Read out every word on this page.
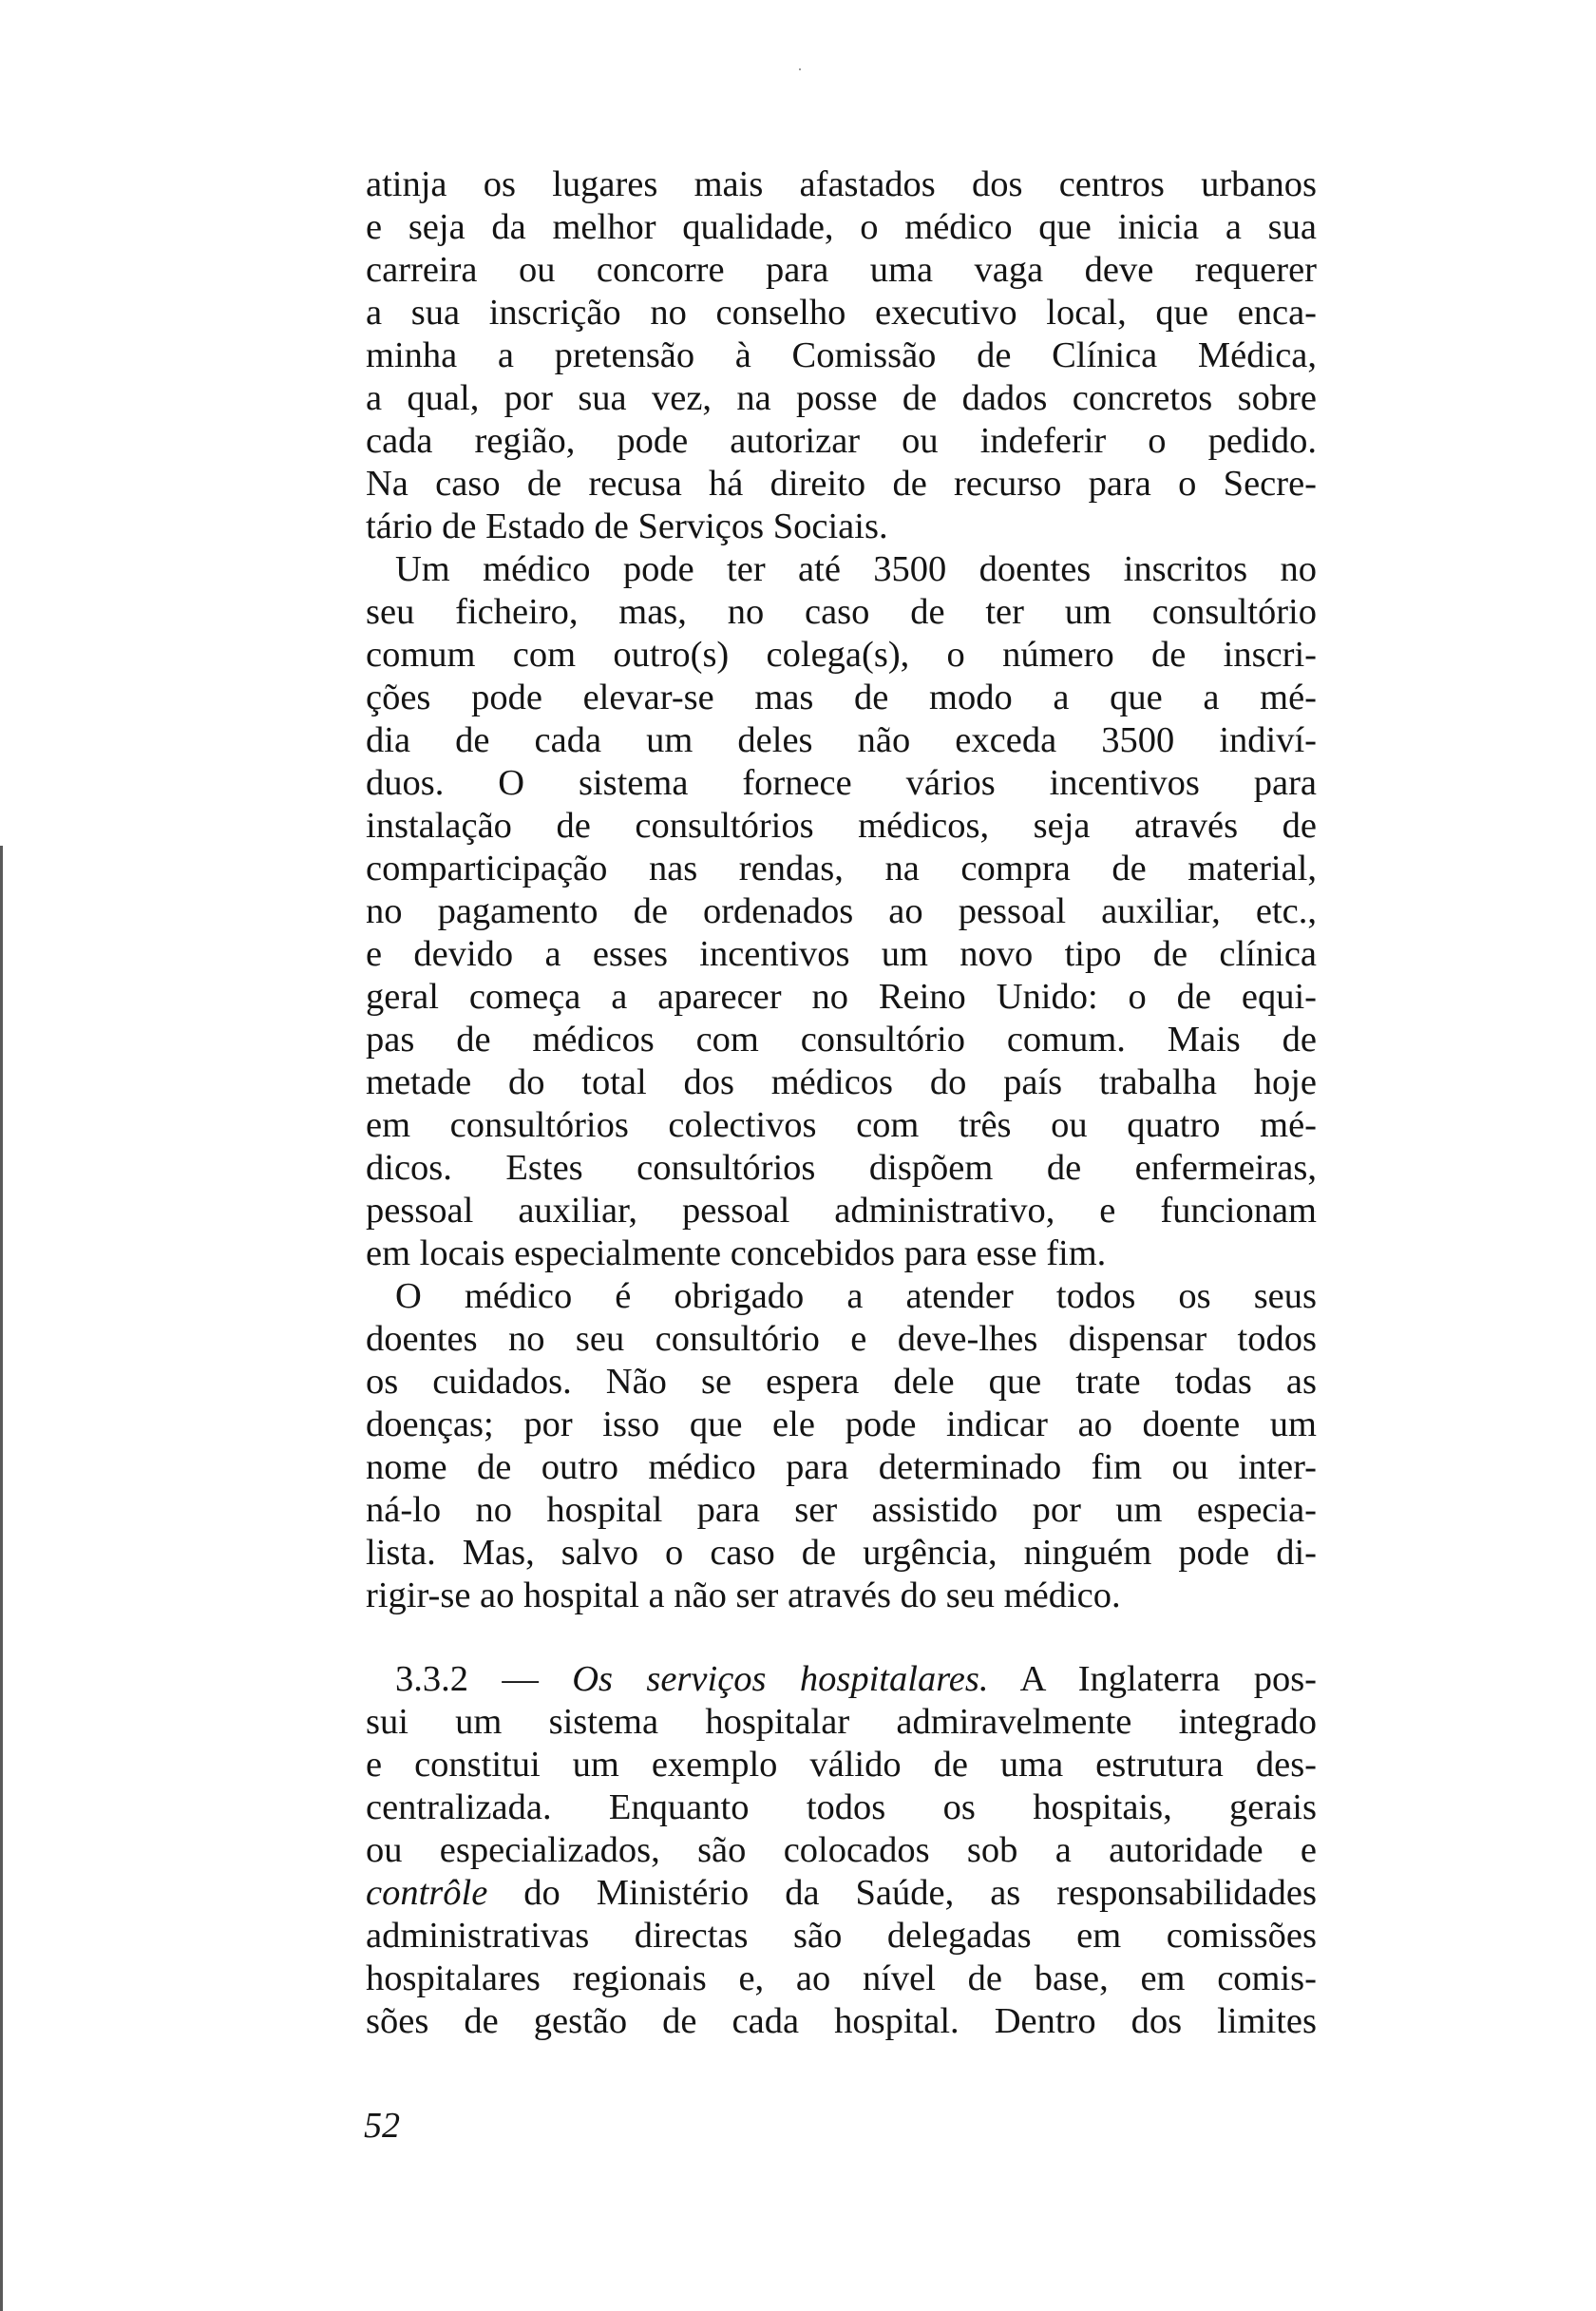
atinja os lugares mais afastados dos centros urbanos
e seja da melhor qualidade, o médico que inicia a sua
carreira ou concorre para uma vaga deve requerer
a sua inscrição no conselho executivo local, que enca-
minha a pretensão à Comissão de Clínica Médica,
a qual, por sua vez, na posse de dados concretos sobre
cada região, pode autorizar ou indeferir o pedido.
Na caso de recusa há direito de recurso para o Secre-
tário de Estado de Serviços Sociais.
Um médico pode ter até 3500 doentes inscritos no
seu ficheiro, mas, no caso de ter um consultório
comum com outro(s) colega(s), o número de inscri-
ções pode elevar-se mas de modo a que a mé-
dia de cada um deles não exceda 3500 indiví-
duos. O sistema fornece vários incentivos para
instalação de consultórios médicos, seja através de
comparticipação nas rendas, na compra de material,
no pagamento de ordenados ao pessoal auxiliar, etc.,
e devido a esses incentivos um novo tipo de clínica
geral começa a aparecer no Reino Unido: o de equi-
pas de médicos com consultório comum. Mais de
metade do total dos médicos do país trabalha hoje
em consultórios colectivos com três ou quatro mé-
dicos. Estes consultórios dispõem de enfermeiras,
pessoal auxiliar, pessoal administrativo, e funcionam
em locais especialmente concebidos para esse fim.
O médico é obrigado a atender todos os seus
doentes no seu consultório e deve-lhes dispensar todos
os cuidados. Não se espera dele que trate todas as
doenças; por isso que ele pode indicar ao doente um
nome de outro médico para determinado fim ou inter-
ná-lo no hospital para ser assistido por um especia-
lista. Mas, salvo o caso de urgência, ninguém pode di-
rigir-se ao hospital a não ser através do seu médico.
3.3.2 — Os serviços hospitalares. A Inglaterra pos-
sui um sistema hospitalar admiravelmente integrado
e constitui um exemplo válido de uma estrutura des-
centralizada. Enquanto todos os hospitais, gerais
ou especializados, são colocados sob a autoridade e
contrôle do Ministério da Saúde, as responsabilidades
administrativas directas são delegadas em comissões
hospitalares regionais e, ao nível de base, em comis-
sões de gestão de cada hospital. Dentro dos limites
52
